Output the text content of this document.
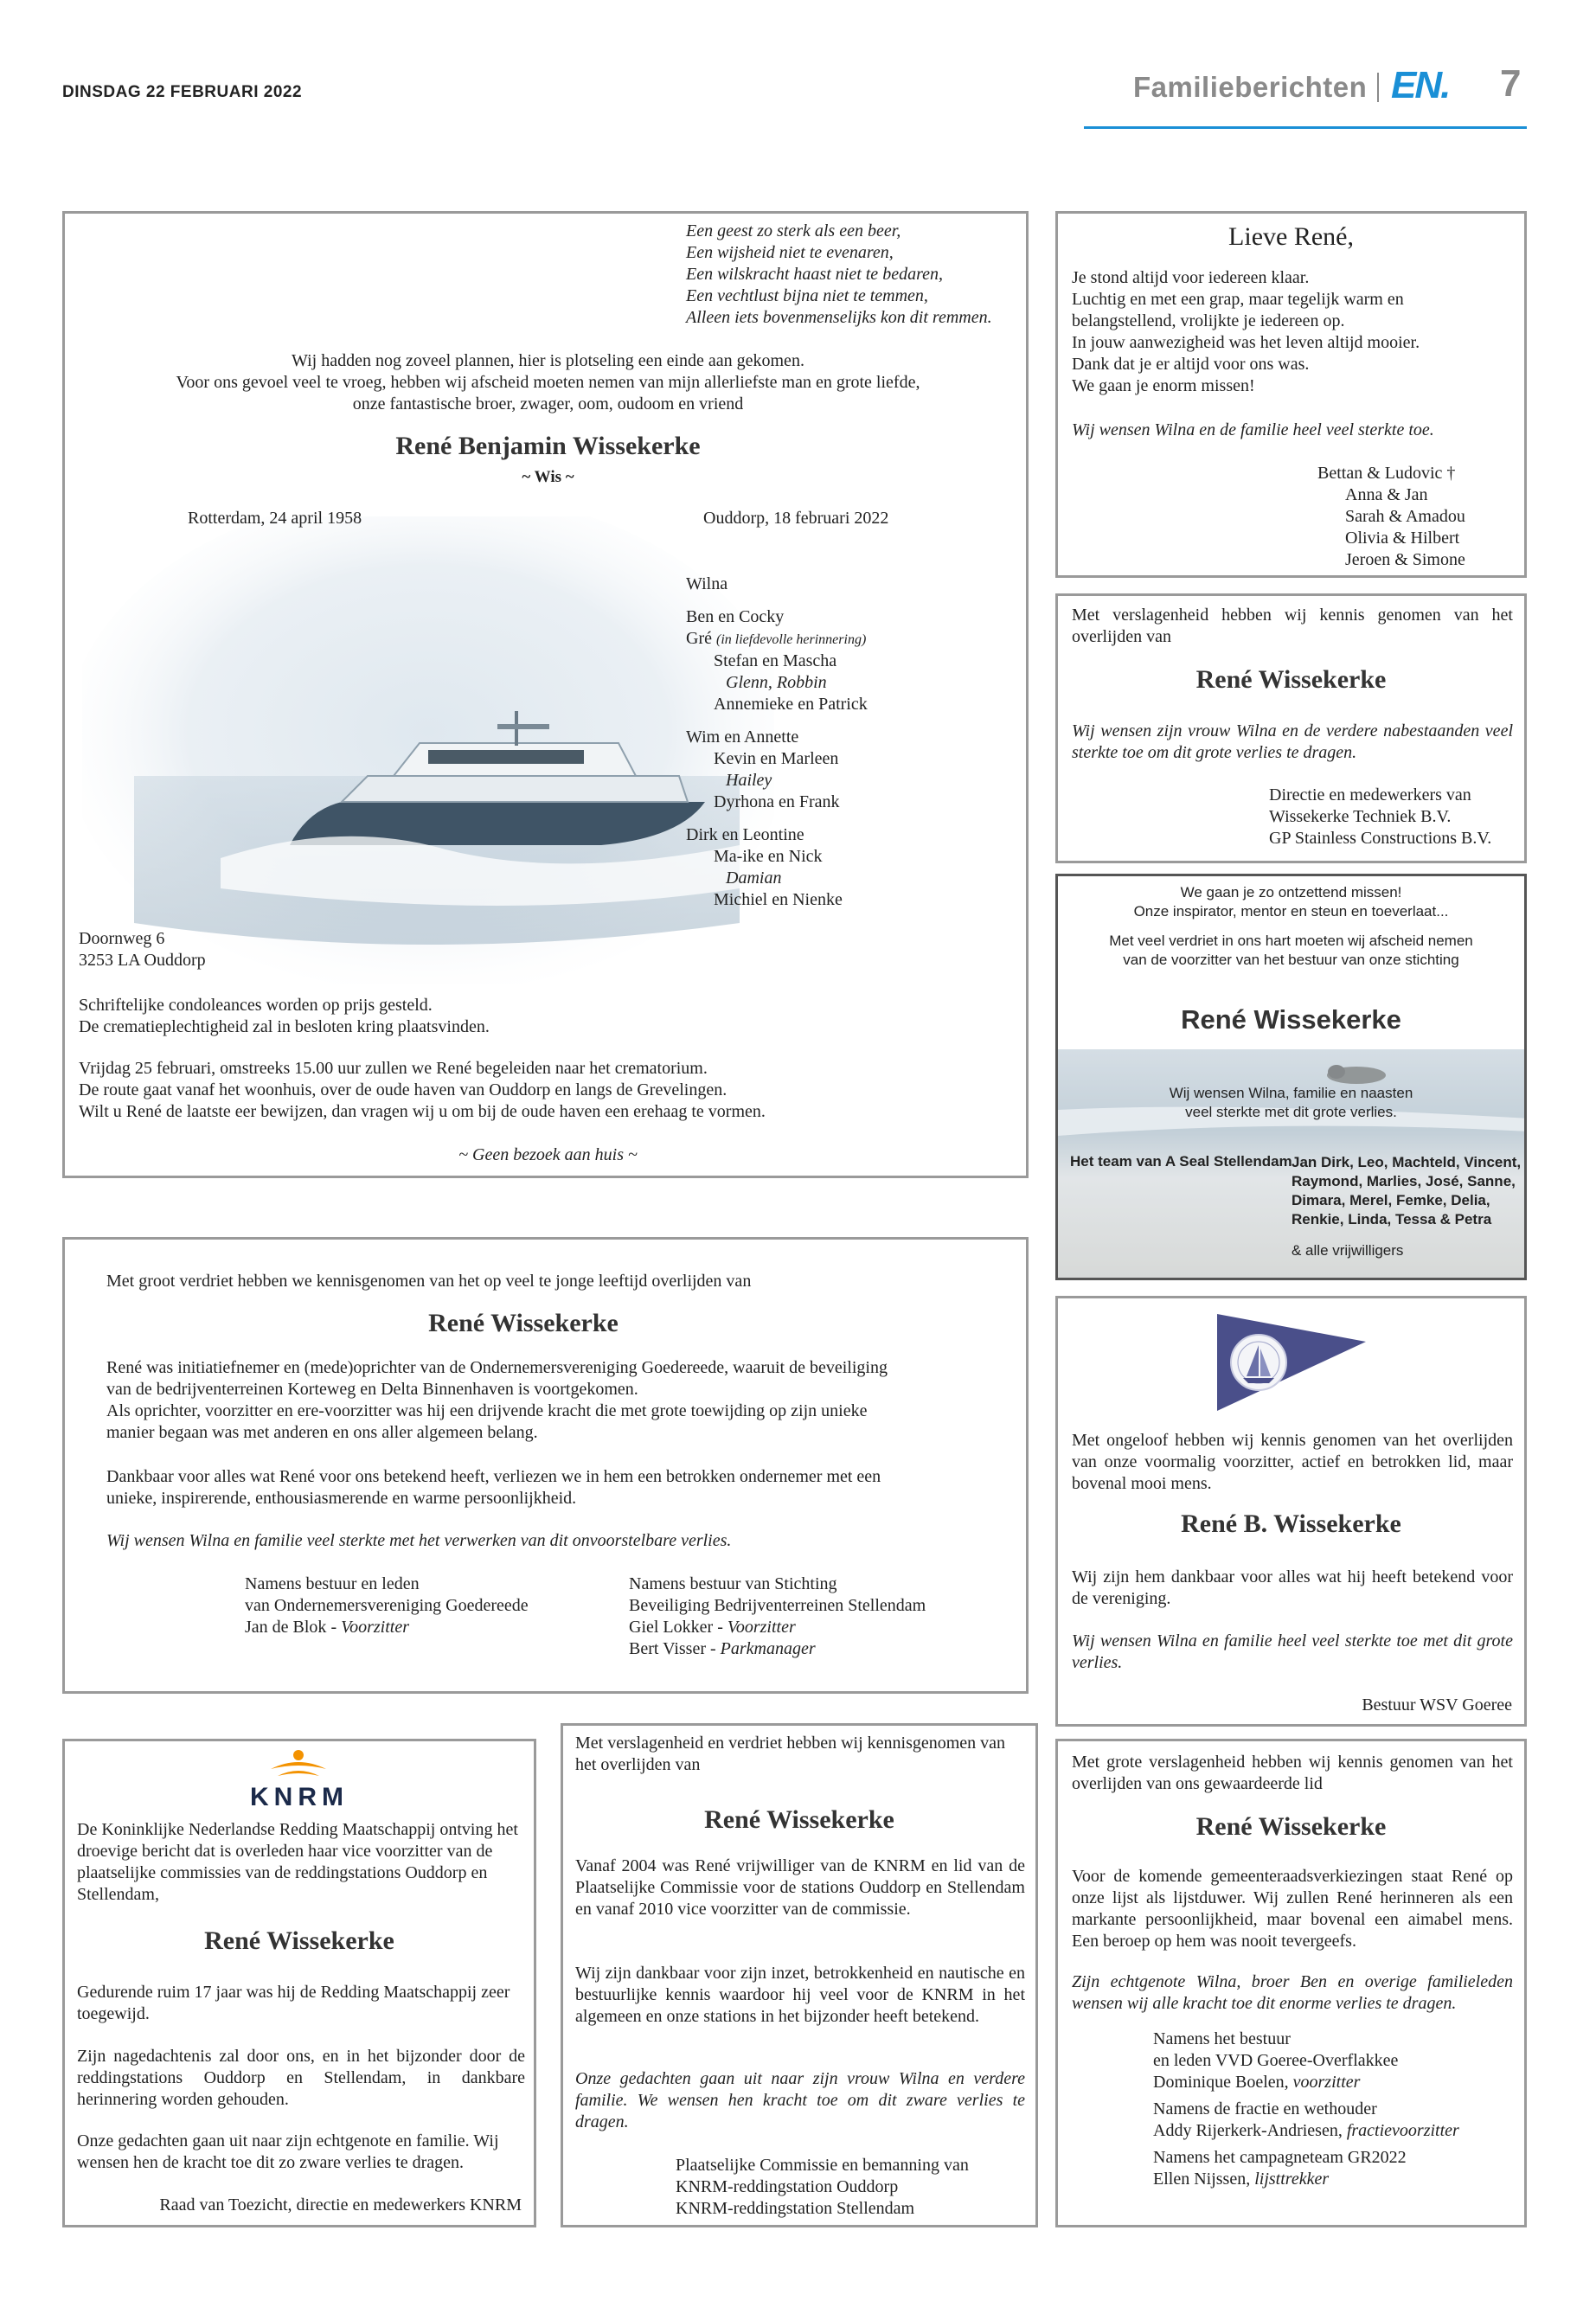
DINSDAG 22 FEBRUARI 2022	Familieberichten EN. 7

Een geest zo sterk als een beer,

Een wijsheid niet te evenaren,

Een wilskracht haast niet te bedaren,

Een vechtlust bijna niet te temmen,

Alleen iets bovenmenselijks kon dit remmen.

Wij hadden nog zoveel plannen, hier is plotseling een einde aan gekomen.

Voor ons gevoel veel te vroeg, hebben wij afscheid moeten nemen van mijn allerliefste man en grote liefde,

onze fantastische broer, zwager, oom, oudoom en vriend

René Benjamin Wissekerke
~ Wis ~
Rotterdam, 24 april 1958	Ouddorp, 18 februari 2022

Wilna

Ben en Cocky

Gré (in liefdevolle herinnering)

Stefan en Mascha

Glenn, Robbin

Annemieke en Patrick

Wim en Annette

Kevin en Marleen

Hailey

Dyrhona en Frank

Dirk en Leontine

Ma-ike en Nick

Damian

Michiel en Nienke

Doornweg 6

3253 LA Ouddorp

Schriftelijke condoleances worden op prijs gesteld.

De crematieplechtigheid zal in besloten kring plaatsvinden.

Vrijdag 25 februari, omstreeks 15.00 uur zullen we René begeleiden naar het crematorium.

De route gaat vanaf het woonhuis, over de oude haven van Ouddorp en langs de Grevelingen.

Wilt u René de laatste eer bewijzen, dan vragen wij u om bij de oude haven een erehaag te vormen.

~ Geen bezoek aan huis ~
Lieve René,

Je stond altijd voor iedereen klaar.

Luchtig en met een grap, maar tegelijk warm en

belangstellend, vrolijkte je iedereen op.

In jouw aanwezigheid was het leven altijd mooier.

Dank dat je er altijd voor ons was.

We gaan je enorm missen!

Wij wensen Wilna en de familie heel veel sterkte toe.

Bettan & Ludovic †

Anna & Jan

Sarah & Amadou

Olivia & Hilbert

Jeroen & Simone

Met verslagenheid hebben wij kennis genomen van het overlijden van
René Wissekerke
Wij wensen zijn vrouw Wilna en de verdere nabestaanden veel sterkte toe om dit grote verlies te dragen.

Directie en medewerkers van

Wissekerke Techniek B.V.

GP Stainless Constructions B.V.

We gaan je zo ontzettend missen!

Onze inspirator, mentor en steun en toeverlaat...

Met veel verdriet in ons hart moeten wij afscheid nemen

van de voorzitter van het bestuur van onze stichting

René Wissekerke

Wij wensen Wilna, familie en naasten

veel sterkte met dit grote verlies.

Het team van A Seal Stellendam Jan Dirk, Leo, Machteld, Vincent,

Raymond, Marlies, José, Sanne,

Dimara, Merel, Femke, Delia,

Renkie, Linda, Tessa & Petra

& alle vrijwilligers

Met groot verdriet hebben we kennisgenomen van het op veel te jonge leeftijd overlijden van
René Wissekerke

René was initiatiefnemer en (mede)oprichter van de Ondernemersvereniging Goedereede, waaruit de beveiliging

van de bedrijventerreinen Korteweg en Delta Binnenhaven is voortgekomen.

Als oprichter, voorzitter en ere-voorzitter was hij een drijvende kracht die met grote toewijding op zijn unieke

manier begaan was met anderen en ons aller algemeen belang.

Dankbaar voor alles wat René voor ons betekend heeft, verliezen we in hem een betrokken ondernemer met een

unieke, inspirerende, enthousiasmerende en warme persoonlijkheid.

Wij wensen Wilna en familie veel sterkte met het verwerken van dit onvoorstelbare verlies.

Namens bestuur en leden

van Ondernemersvereniging Goedereede

Jan de Blok - Voorzitter

Namens bestuur van Stichting

Beveiliging Bedrijventerreinen Stellendam

Giel Lokker - Voorzitter

Bert Visser - Parkmanager

Met ongeloof hebben wij kennis genomen van het overlijden van onze voormalig voorzitter, actief en betrokken lid, maar bovenal mooi mens.
René B. Wissekerke
Wij zijn hem dankbaar voor alles wat hij heeft betekend voor de vereniging.
Wij wensen Wilna en familie heel veel sterkte toe met dit grote verlies.
Bestuur WSV Goeree
KNRM
De Koninklijke Nederlandse Redding Maatschappij ontving het droevige bericht dat is overleden haar vice voorzitter van de plaatselijke commissies van de reddingstations Ouddorp en Stellendam,
René Wissekerke
Gedurende ruim 17 jaar was hij de Redding Maatschappij zeer toegewijd.
Zijn nagedachtenis zal door ons, en in het bijzonder door de reddingstations Ouddorp en Stellendam, in dankbare herinnering worden gehouden.
Onze gedachten gaan uit naar zijn echtgenote en familie. Wij wensen hen de kracht toe dit zo zware verlies te dragen.
Raad van Toezicht, directie en medewerkers KNRM
Met verslagenheid en verdriet hebben wij kennisgenomen van het overlijden van
René Wissekerke
Vanaf 2004 was René vrijwilliger van de KNRM en lid van de Plaatselijke Commissie voor de stations Ouddorp en Stellendam en vanaf 2010 vice voorzitter van de commissie.
Wij zijn dankbaar voor zijn inzet, betrokkenheid en nautische en bestuurlijke kennis waardoor hij veel voor de KNRM in het algemeen en onze stations in het bijzonder heeft betekend.
Onze gedachten gaan uit naar zijn vrouw Wilna en verdere familie. We wensen hen kracht toe om dit zware verlies te dragen.

Plaatselijke Commissie en bemanning van

KNRM-reddingstation Ouddorp

KNRM-reddingstation Stellendam

Met grote verslagenheid hebben wij kennis genomen van het overlijden van ons gewaardeerde lid
René Wissekerke
Voor de komende gemeenteraadsverkiezingen staat René op onze lijst als lijstduwer. Wij zullen René herinneren als een markante persoonlijkheid, maar bovenal een aimabel mens. Een beroep op hem was nooit tevergeefs.
Zijn echtgenote Wilna, broer Ben en overige familieleden wensen wij alle kracht toe dit enorme verlies te dragen.

Namens het bestuur

en leden VVD Goeree-Overflakkee

Dominique Boelen, voorzitter

Namens de fractie en wethouder

Addy Rijerkerk-Andriesen, fractievoorzitter

Namens het campagneteam GR2022

Ellen Nijssen, lijsttrekker
